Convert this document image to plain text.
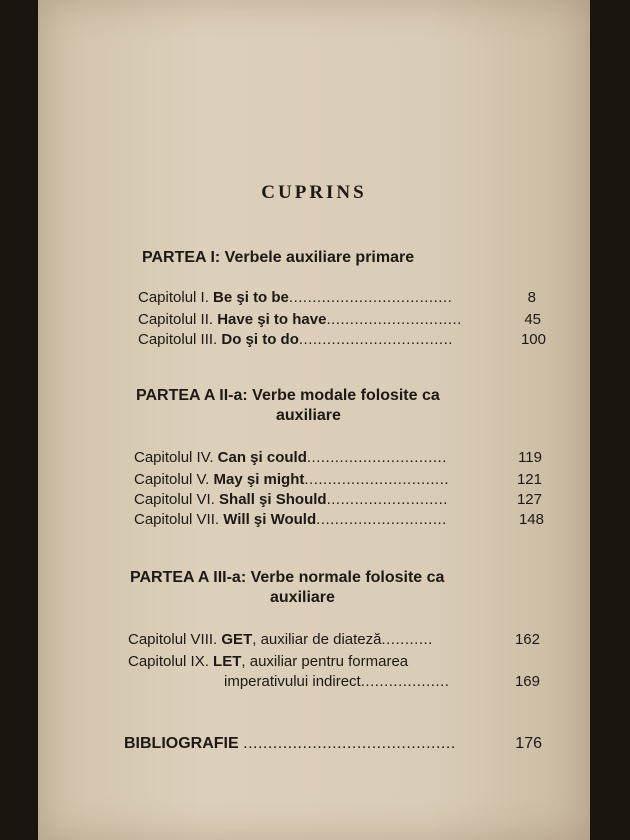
CUPRINS
PARTEA I: Verbele auxiliare primare
Capitolul I. Be şi to be...................................	8
Capitolul II. Have şi to have.............................	45
Capitolul III. Do şi to do.................................	100
PARTEA A II-a: Verbe modale folosite ca
auxiliare
Capitolul IV. Can şi could..............................	119
Capitolul V. May şi might...............................	121
Capitolul VI. Shall şi Should..........................	127
Capitolul VII. Will şi Would............................	148
PARTEA A III-a: Verbe normale folosite ca
auxiliare
Capitolul VIII. GET, auxiliar de diateză...........	162
Capitolul IX. LET, auxiliar pentru formarea
imperativului indirect...................	169
BIBLIOGRAFIE ...........................................	176
